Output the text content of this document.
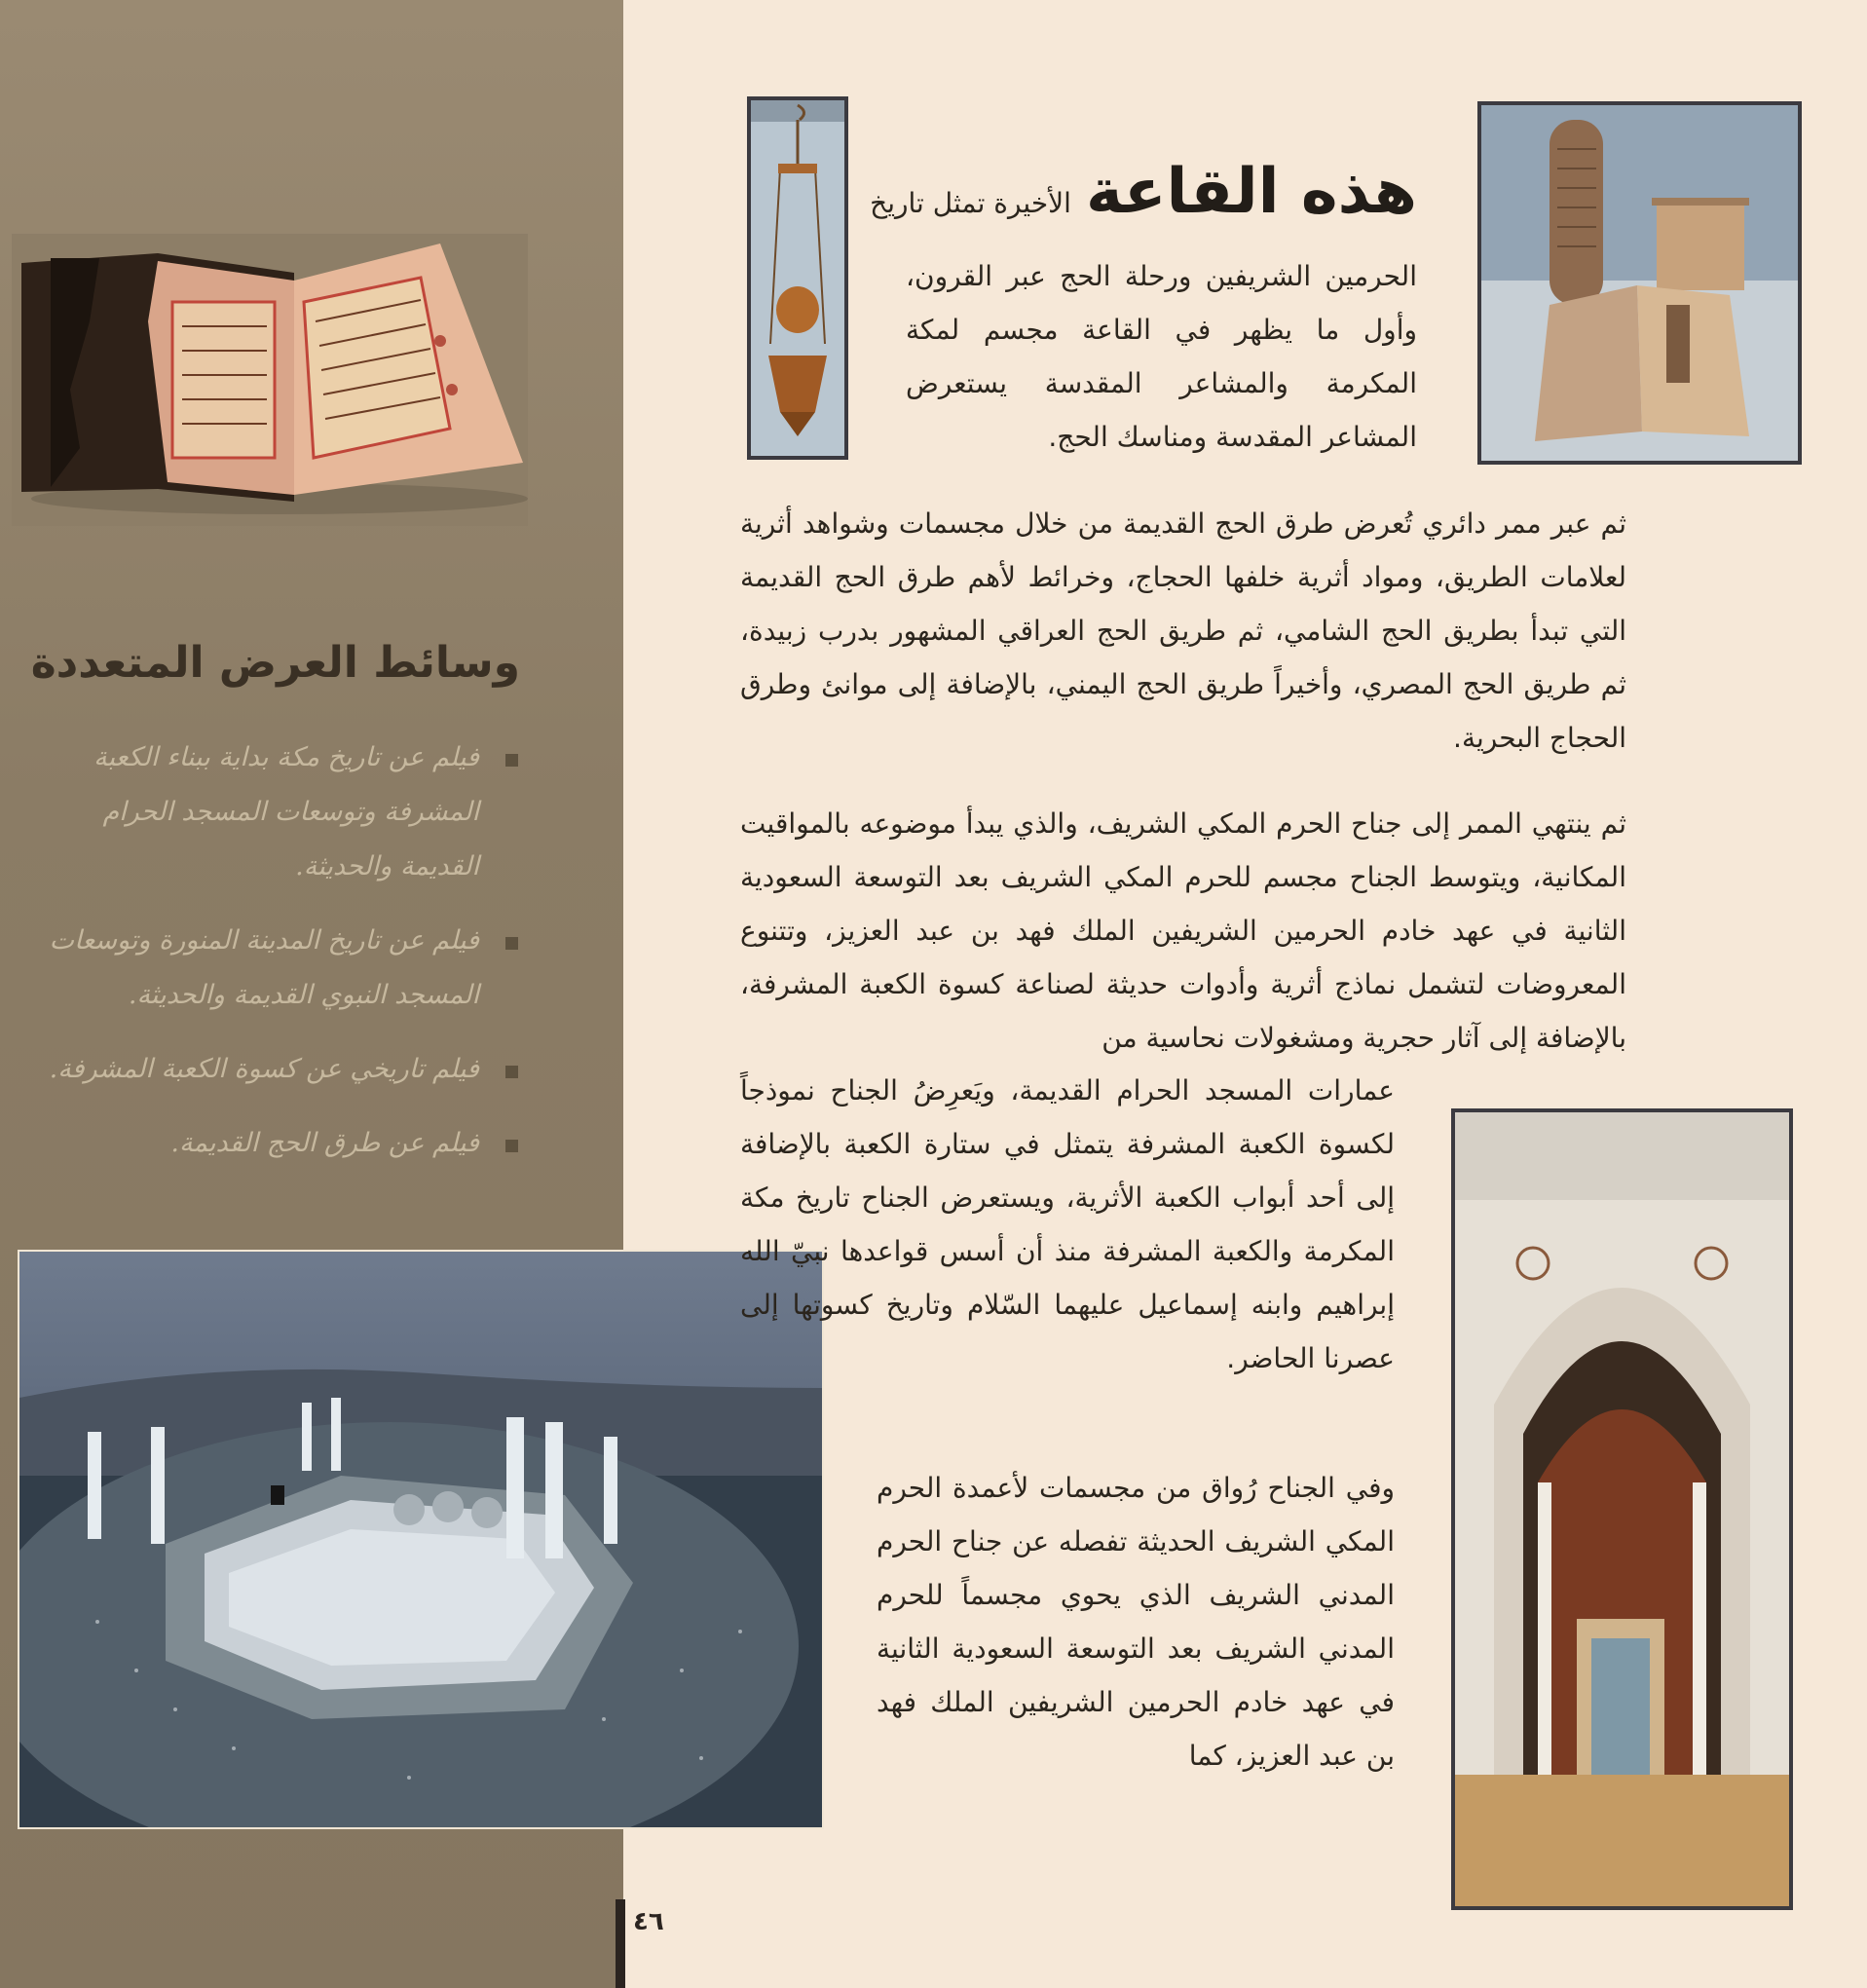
وسائط العرض المتعددة
فيلم عن تاريخ مكة بداية ببناء الكعبة المشرفة وتوسعات المسجد الحرام القديمة والحديثة.
فيلم عن تاريخ المدينة المنورة وتوسعات المسجد النبوي القديمة والحديثة.
فيلم تاريخي عن كسوة الكعبة المشرفة.
فيلم عن طرق الحج القديمة.
هذه القاعة الأخيرة تمثل تاريخ

الحرمين الشريفين ورحلة الحج عبر القرون، وأول ما يظهر في القاعة مجسم لمكة المكرمة والمشاعر المقدسة يستعرض المشاعر المقدسة ومناسك الحج.

ثم عبر ممر دائري تُعرض طرق الحج القديمة من خلال مجسمات وشواهد أثرية لعلامات الطريق، ومواد أثرية خلفها الحجاج، وخرائط لأهم طرق الحج القديمة التي تبدأ بطريق الحج الشامي، ثم طريق الحج العراقي المشهور بدرب زبيدة، ثم طريق الحج المصري، وأخيراً طريق الحج اليمني، بالإضافة إلى موانئ وطرق الحجاج البحرية.

ثم ينتهي الممر إلى جناح الحرم المكي الشريف، والذي يبدأ موضوعه بالمواقيت المكانية، ويتوسط الجناح مجسم للحرم المكي الشريف بعد التوسعة السعودية الثانية في عهد خادم الحرمين الشريفين الملك فهد بن عبد العزيز، وتتنوع المعروضات لتشمل نماذج أثرية وأدوات حديثة لصناعة كسوة الكعبة المشرفة، بالإضافة إلى آثار حجرية ومشغولات نحاسية من

عمارات المسجد الحرام القديمة، ويَعرِضُ الجناح نموذجاً لكسوة الكعبة المشرفة يتمثل في ستارة الكعبة بالإضافة إلى أحد أبواب الكعبة الأثرية، ويستعرض الجناح تاريخ مكة المكرمة والكعبة المشرفة منذ أن أسس قواعدها نبيّ الله إبراهيم وابنه إسماعيل عليهما السّلام وتاريخ كسوتها إلى عصرنا الحاضر.

وفي الجناح رُواق من مجسمات لأعمدة الحرم المكي الشريف الحديثة تفصله عن جناح الحرم المدني الشريف الذي يحوي مجسماً للحرم المدني الشريف بعد التوسعة السعودية الثانية في عهد خادم الحرمين الشريفين الملك فهد بن عبد العزيز، كما

٤٦
